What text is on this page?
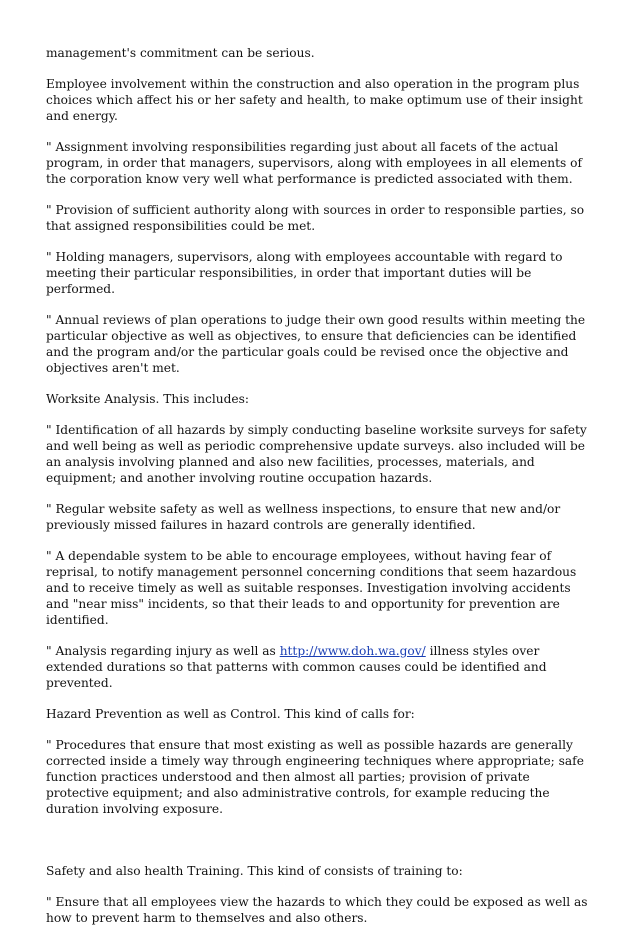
management's commitment can be serious.

Employee involvement within the construction and also operation in the program plus choices which affect his or her safety and health, to make optimum use of their insight and energy.

" Assignment involving responsibilities regarding just about all facets of the actual program, in order that managers, supervisors, along with employees in all elements of the corporation know very well what performance is predicted associated with them.

" Provision of sufficient authority along with sources in order to responsible parties, so that assigned responsibilities could be met.

" Holding managers, supervisors, along with employees accountable with regard to meeting their particular responsibilities, in order that important duties will be performed.

" Annual reviews of plan operations to judge their own good results within meeting the particular objective as well as objectives, to ensure that deficiencies can be identified and the program and/or the particular goals could be revised once the objective and objectives aren't met.

Worksite Analysis. This includes:

" Identification of all hazards by simply conducting baseline worksite surveys for safety and well being as well as periodic comprehensive update surveys. also included will be an analysis involving planned and also new facilities, processes, materials, and equipment; and another involving routine occupation hazards.

" Regular website safety as well as wellness inspections, to ensure that new and/or previously missed failures in hazard controls are generally identified.

" A dependable system to be able to encourage employees, without having fear of reprisal, to notify management personnel concerning conditions that seem hazardous and to receive timely as well as suitable responses. Investigation involving accidents and "near miss" incidents, so that their leads to and opportunity for prevention are identified.

" Analysis regarding injury as well as http://www.doh.wa.gov/ illness styles over extended durations so that patterns with common causes could be identified and prevented.

Hazard Prevention as well as Control. This kind of calls for:

" Procedures that ensure that most existing as well as possible hazards are generally corrected inside a timely way through engineering techniques where appropriate; safe function practices understood and then almost all parties; provision of private protective equipment; and also administrative controls, for example reducing the duration involving exposure.

Safety and also health Training. This kind of consists of training to:

" Ensure that all employees view the hazards to which they could be exposed as well as how to prevent harm to themselves and also others.
